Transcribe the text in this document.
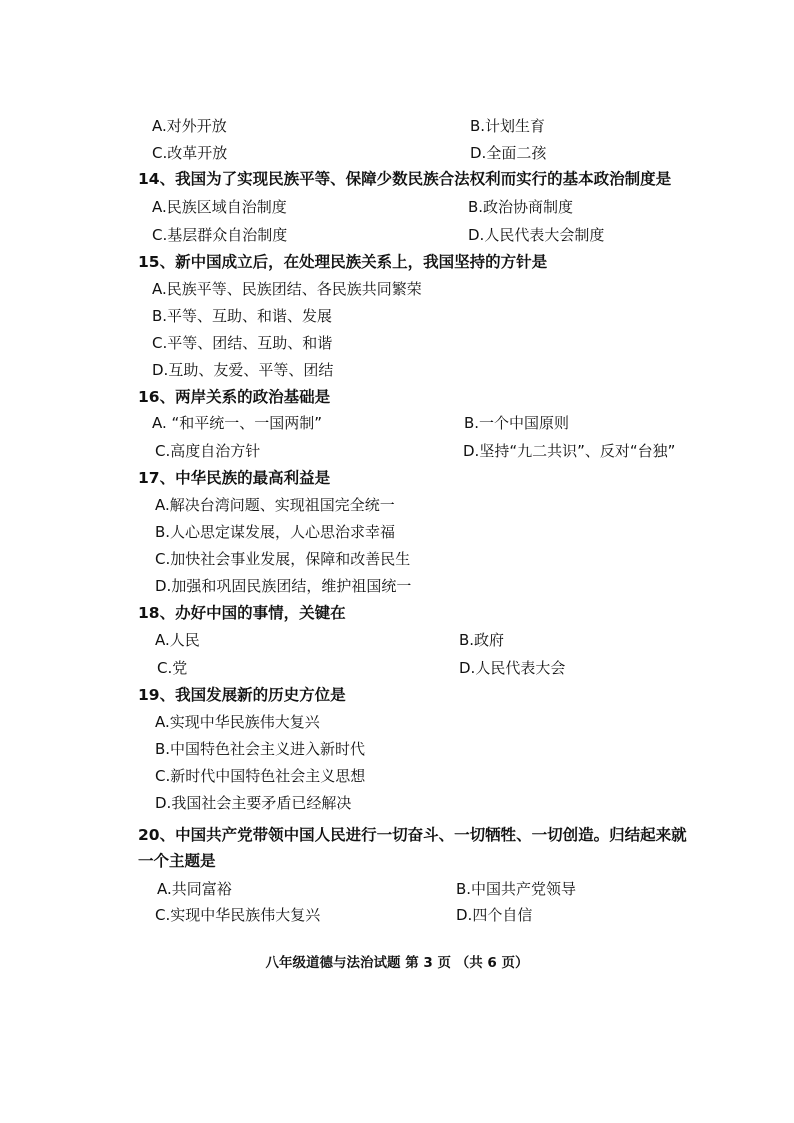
A.对外开放	B.计划生育
C.改革开放	D.全面二孩
14、我国为了实现民族平等、保障少数民族合法权利而实行的基本政治制度是
A.民族区域自治制度	B.政治协商制度
C.基层群众自治制度	D.人民代表大会制度
15、新中国成立后，在处理民族关系上，我国坚持的方针是
A.民族平等、民族团结、各民族共同繁荣
B.平等、互助、和谐、发展
C.平等、团结、互助、和谐
D.互助、友爱、平等、团结
16、两岸关系的政治基础是
A. “和平统一、一国两制”	B.一个中国原则
C.高度自治方针	D.坚持“九二共识”、反对“台独”
17、中华民族的最高利益是
A.解决台湾问题、实现祖国完全统一
B.人心思定谋发展，人心思治求幸福
C.加快社会事业发展，保障和改善民生
D.加强和巩固民族团结，维护祖国统一
18、办好中国的事情，关键在
A.人民	B.政府
C.党	D.人民代表大会
19、我国发展新的历史方位是
A.实现中华民族伟大复兴
B.中国特色社会主义进入新时代
C.新时代中国特色社会主义思想
D.我国社会主要矛盾已经解决
20、中国共产党带领中国人民进行一切奋斗、一切牺牲、一切创造。归结起来就
一个主题是
A.共同富裕	B.中国共产党领导
C.实现中华民族伟大复兴	D.四个自信
八年级道德与法治试题 第 3 页 （共 6 页）
